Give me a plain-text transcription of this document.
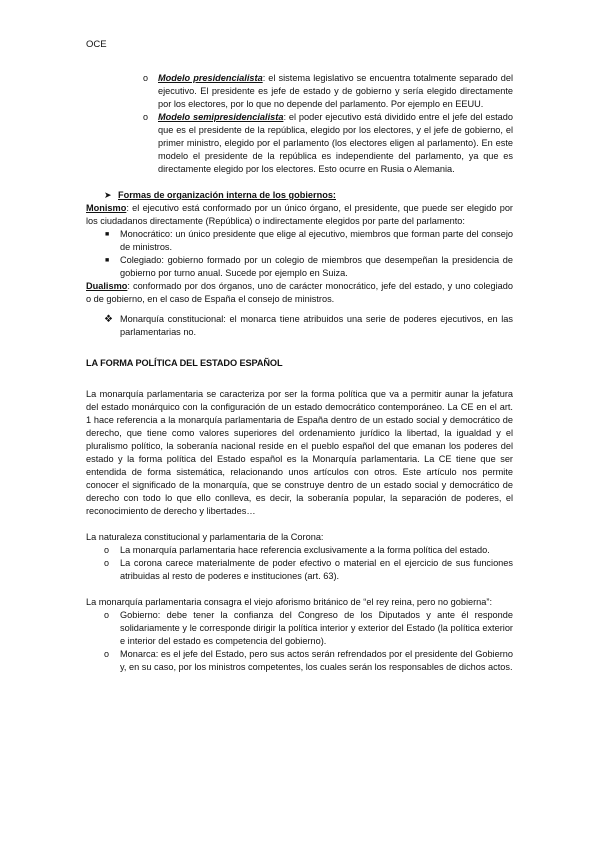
OCE
o Modelo presidencialista: el sistema legislativo se encuentra totalmente separado del ejecutivo. El presidente es jefe de estado y de gobierno y sería elegido directamente por los electores, por lo que no depende del parlamento. Por ejemplo en EEUU.
o Modelo semipresidencialista: el poder ejecutivo está dividido entre el jefe del estado que es el presidente de la república, elegido por los electores, y el jefe de gobierno, el primer ministro, elegido por el parlamento (los electores eligen al parlamento). En este modelo el presidente de la república es independiente del parlamento, ya que es directamente elegido por los electores. Esto ocurre en Rusia o Alemania.
➤ Formas de organización interna de los gobiernos:

Monismo: el ejecutivo está conformado por un único órgano, el presidente, que puede ser elegido por los ciudadanos directamente (República) o indirectamente elegidos por parte del parlamento:

■ Monocrático: un único presidente que elige al ejecutivo, miembros que forman parte del consejo de ministros.
■ Colegiado: gobierno formado por un colegio de miembros que desempeñan la presidencia de gobierno por turno anual. Sucede por ejemplo en Suiza.

Dualismo: conformado por dos órganos, uno de carácter monocrático, jefe del estado, y uno colegiado o de gobierno, en el caso de España el consejo de ministros.

❖ Monarquía constitucional: el monarca tiene atribuidos una serie de poderes ejecutivos, en las parlamentarias no.

LA FORMA POLÍTICA DEL ESTADO ESPAÑOL

La monarquía parlamentaria se caracteriza por ser la forma política que va a permitir aunar la jefatura del estado monárquico con la configuración de un estado democrático contemporáneo. La CE en el art. 1 hace referencia a la monarquía parlamentaria de España dentro de un estado social y democrático de derecho, que tiene como valores superiores del ordenamiento jurídico la libertad, la igualdad y el pluralismo político, la soberanía nacional reside en el pueblo español del que emanan los poderes del estado y la forma política del Estado español es la Monarquía parlamentaria. La CE tiene que ser entendida de forma sistemática, relacionando unos artículos con otros. Este artículo nos permite conocer el significado de la monarquía, que se construye dentro de un estado social y democrático de derecho con todo lo que ello conlleva, es decir, la soberanía popular, la separación de poderes, el reconocimiento de derecho y libertades…

La naturaleza constitucional y parlamentaria de la Corona:

o La monarquía parlamentaria hace referencia exclusivamente a la forma política del estado.
o La corona carece materialmente de poder efectivo o material en el ejercicio de sus funciones atribuidas al resto de poderes e instituciones (art. 63).

La monarquía parlamentaria consagra el viejo aforismo británico de “el rey reina, pero no gobierna”:

o Gobierno: debe tener la confianza del Congreso de los Diputados y ante él responde solidariamente y le corresponde dirigir la política interior y exterior del Estado (la política exterior e interior del estado es competencia del gobierno).
o Monarca: es el jefe del Estado, pero sus actos serán refrendados por el presidente del Gobierno y, en su caso, por los ministros competentes, los cuales serán los responsables de dichos actos.
